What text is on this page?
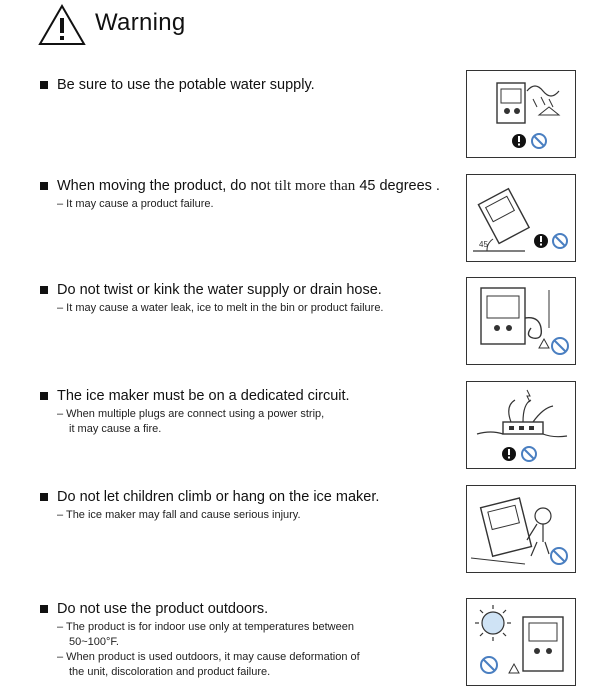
Warning
Be sure to use the potable water supply.
When moving the product, do not tilt more than 45 degrees .
– It may cause a product failure.
45
Do not twist or kink the water supply or drain hose.
– It may cause a water leak, ice to melt in the bin or product failure.
The ice maker must be on a dedicated circuit.
– When multiple plugs are connect using a power strip,
it may cause a fire.
Do not let children climb or hang on the ice maker.
– The ice maker may fall and cause serious injury.
Do not use the product outdoors.
– The product is for indoor use only at temperatures between
50~100°F.
– When product is used outdoors, it may cause deformation of
the unit, discoloration and product failure.
